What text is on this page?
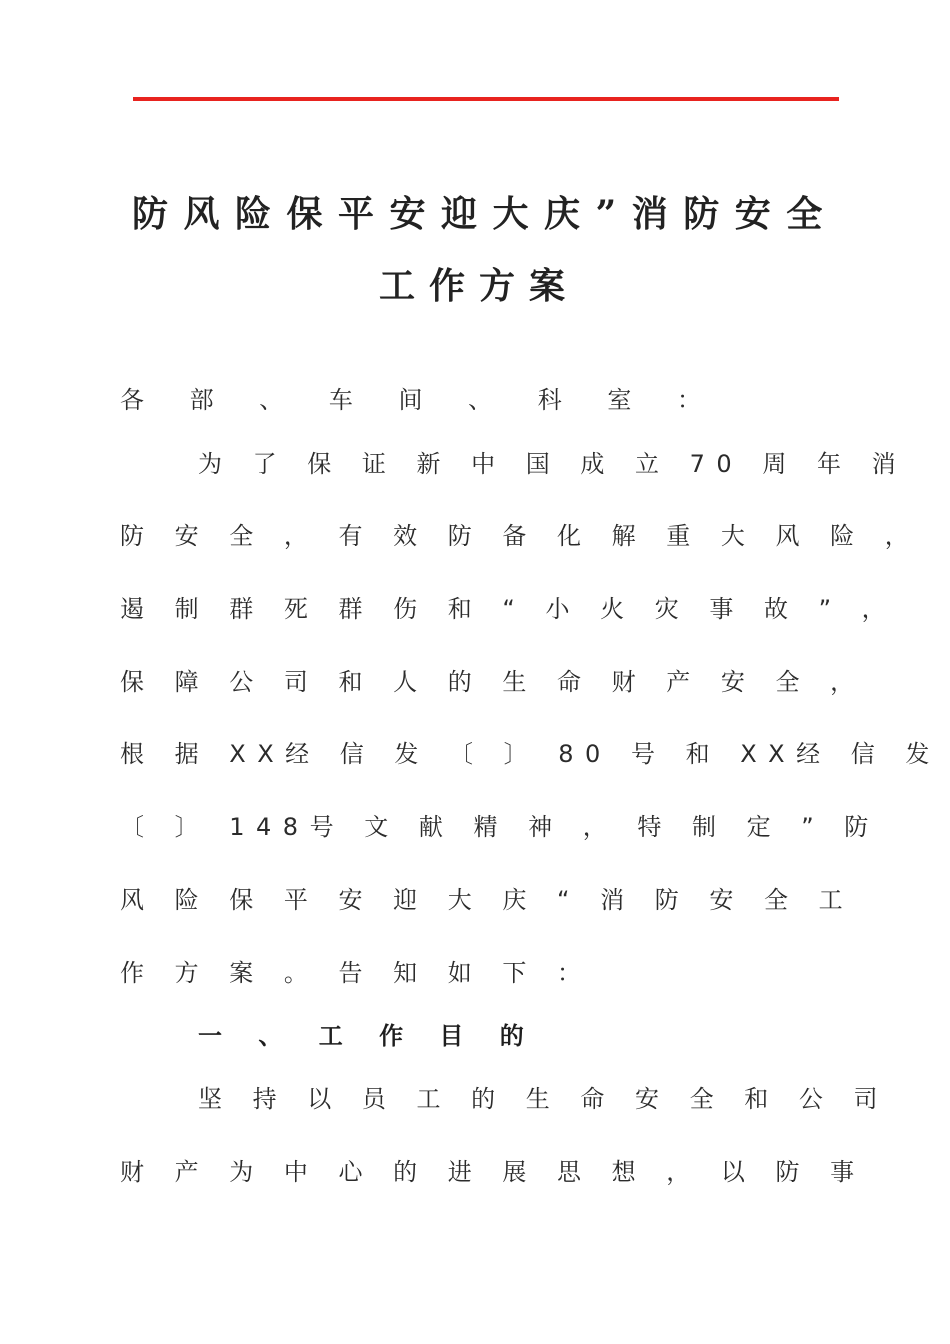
防风险保平安迎大庆”消防安全
工作方案

各 部 、 车 间 、 科 室 ：

为 了 保 证 新 中 国 成 立 70 周 年 消

防 安 全 ， 有 效 防 备 化 解 重 大 风 险 ，

遏 制 群 死 群 伤 和 “ 小 火 灾 事 故 ” ，

保 障 公 司 和 人 的 生 命 财 产 安 全 ，

根 据 XX经 信 发 〔 〕 80 号 和 XX经 信 发

〔 〕 148号 文 献 精 神 ， 特 制 定 ” 防

风 险 保 平 安 迎 大 庆 “ 消 防 安 全 工

作 方 案 。 告 知 如 下 ：

一 、 工 作 目 的

坚 持 以 员 工 的 生 命 安 全 和 公 司

财 产 为 中 心 的 进 展 思 想 ， 以 防 事
